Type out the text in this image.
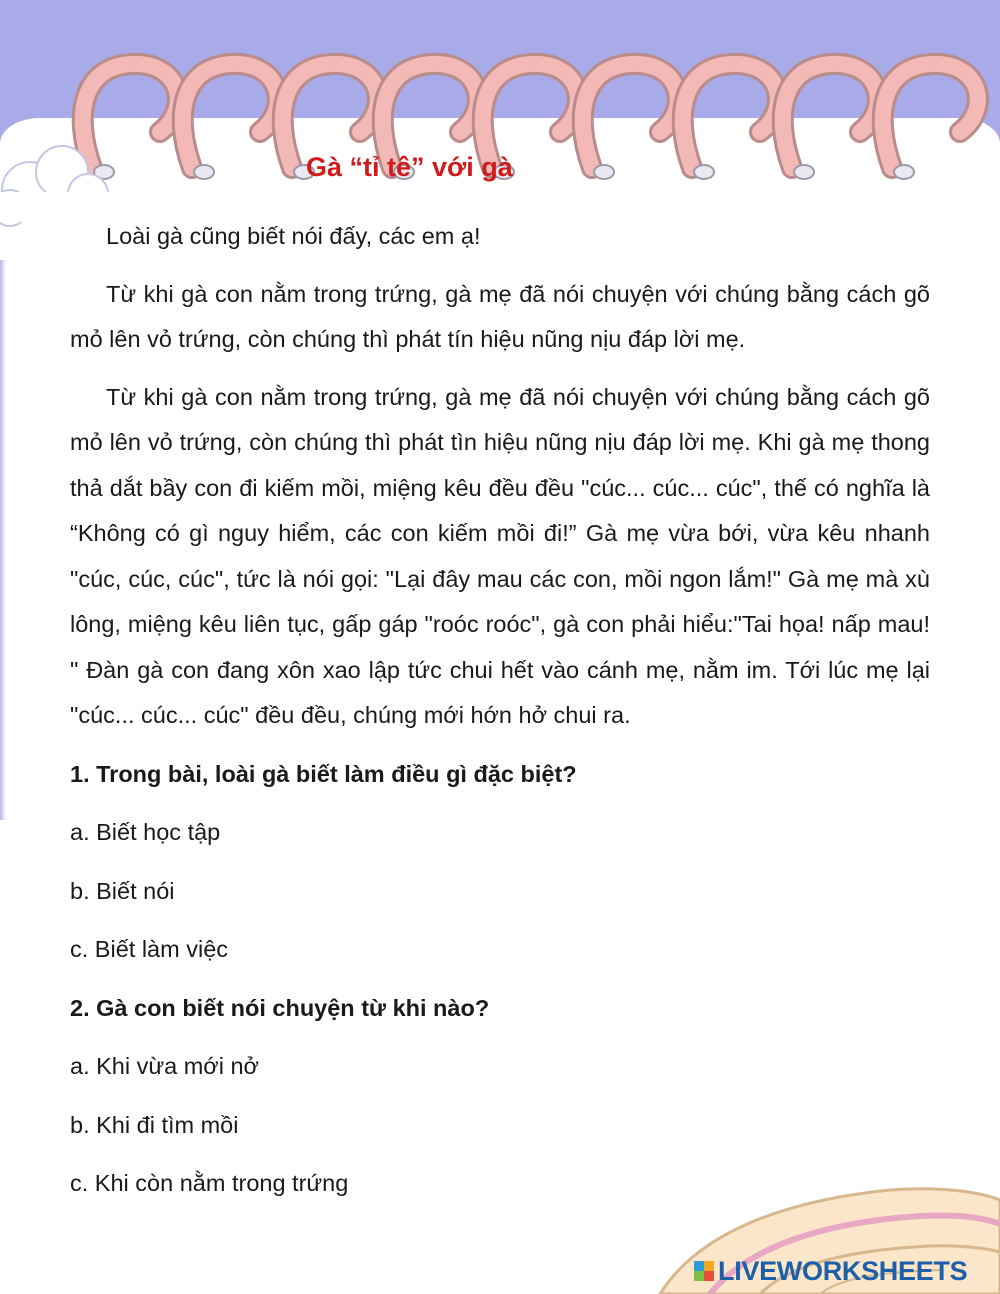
Gà “tỉ tê” với gà

Loài gà cũng biết nói đấy, các em ạ!

Từ khi gà con nằm trong trứng, gà mẹ đã nói chuyện với chúng bằng cách gõ mỏ lên vỏ trứng, còn chúng thì phát tín hiệu nũng nịu đáp lời mẹ.

Từ khi gà con nằm trong trứng, gà mẹ đã nói chuyện với chúng bằng cách gõ mỏ lên vỏ trứng, còn chúng thì phát tìn hiệu nũng nịu đáp lời mẹ. Khi gà mẹ thong thả dắt bầy con đi kiếm mồi, miệng kêu đều đều "cúc... cúc... cúc", thế có nghĩa là “Không có gì nguy hiểm, các con kiếm mồi đi!” Gà mẹ vừa bới, vừa kêu nhanh "cúc, cúc, cúc", tức là nói gọi: "Lại đây mau các con, mồi ngon lắm!" Gà mẹ mà xù lông, miệng kêu liên tục, gấp gáp "roóc roóc", gà con phải hiểu:"Tai họa! nấp mau! " Đàn gà con đang xôn xao lập tức chui hết vào cánh mẹ, nằm im. Tới lúc mẹ lại "cúc... cúc... cúc" đều đều, chúng mới hớn hở chui ra.

1. Trong bài, loài gà biết làm điều gì đặc biệt?

a. Biết học tập

b. Biết nói

c. Biết làm việc

2. Gà con biết nói chuyện từ khi nào?

a. Khi vừa mới nở

b. Khi đi tìm mồi

c. Khi còn nằm trong trứng

LIVEWORKSHEETS
